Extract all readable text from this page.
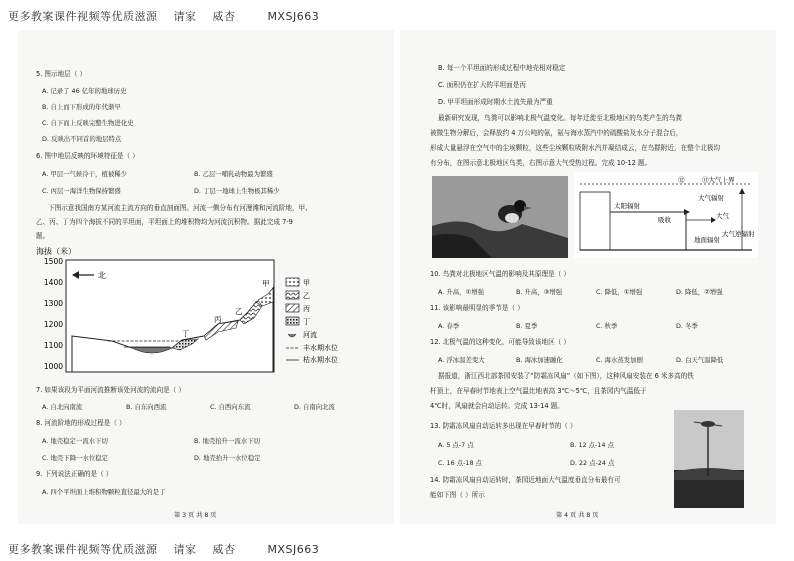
更多教案课件视频等优质滋源    请家    威杏        MXSJ663
更多教案课件视频等优质滋源    请家    威杏        MXSJ663
5. 图示地层（ ）
A. 记录了 46 亿年的地球历史
B. 自上而下形成的年代渐早
C. 自下而上反映完整生物进化史
D. 反映出不同首的地层特点
6. 图中地层反映的环境特征是（ ）
A. 甲层一气候冷干，植被稀少	B. 乙层一哺乳动物最为繁盛
C. 丙层一海洋生物保持繁盛	D. 丁层一地球上生物极其稀少
下图示意我国南方某河流主流方向的垂直剖面图。河流一侧分布有河漫滩和河流阶地，甲、
乙、丙、丁为四个海拔不同的平坦面，平坦面上的堆积物均为河流沉积物。据此完成 7-9
题。
海拔（米）
1500
1400
1300
1200
1100
1000
北
甲
乙
丙
丁
甲
乙
丙
丁
河流
丰水期水位
枯水期水位
7. 如果该段为平面河流推断该处河流的流向是（ ）
A. 自北向南流	B. 自东向西流	C. 自西向东流	D. 自南向北流
8. 河流阶地的形成过程是（ ）
A. 地壳稳定一流水下切	B. 地壳抬升一流水下切
C. 地壳下降一水位稳定	D. 地壳抬升一水位稳定
9. 下列说法正确的是（ ）
A. 四个平坦面上堆积物颗粒直径最大的是丁
第 3 页 共 8 页
B. 每一个平坦面的形成过程中地壳相对稳定
C. 面积仍在扩大的平坦面是丙
D. 甲平坦面形成时期水土流失最为严重
最新研究发现，鸟粪可以影响北极气温变化。每年迁徙至北极地区的鸟类产生的鸟粪
被微生物分解后，会释放约 4 万公吨的氨，氨与海水蒸汽中的硫酸盐及水分子混合后，
形成大量悬浮在空气中的尘埃颗粒，这些尘埃颗粒吸附水汽并凝结成云，在鸟群附近，在整个北极均
有分布，在图示意北极地区鸟类，右图示意大气受热过程。完成 10-12 题。
⑪大气上界
太阳辐射
大气辐射
吸收	大气
地面辐射
大气逆辐射
⑫
10. 鸟粪对北极地区气温的影响及其原理是（ ）
A. 升高，①增强	B. 升高，③增强	C. 降低，①增强	D. 降低，②增强
11. 该影响最明显的季节是（ ）
A. 春季	B. 夏季	C. 秋季	D. 冬季
12. 北极气温的这种变化，可能导致该地区（ ）
A. 浮冰温差变大	B. 海冰加速融化	C. 海水蒸发加剧	D. 白天气温降低
据报道，浙江西北部茶园安装了“防霜冻风扇”（如下图），这种风扇安装在 6 米多高的铁
杆顶上，在早春时节地表上空气温比地表高 3℃～5℃，且茶园内气温低于
4℃时，风扇就会自动运转。完成 13-14 题。
13. 防霜冻风扇自动运转多出现在早春时节的（ ）
A. 5 点-7 点	B. 12 点-14 点
C. 16 点-18 点	D. 22 点-24 点
14. 防霜冻风扇自动运转时，茶园近地面大气温度垂直分布最有可
能如下图（ ）所示
第 4 页 共 8 页
